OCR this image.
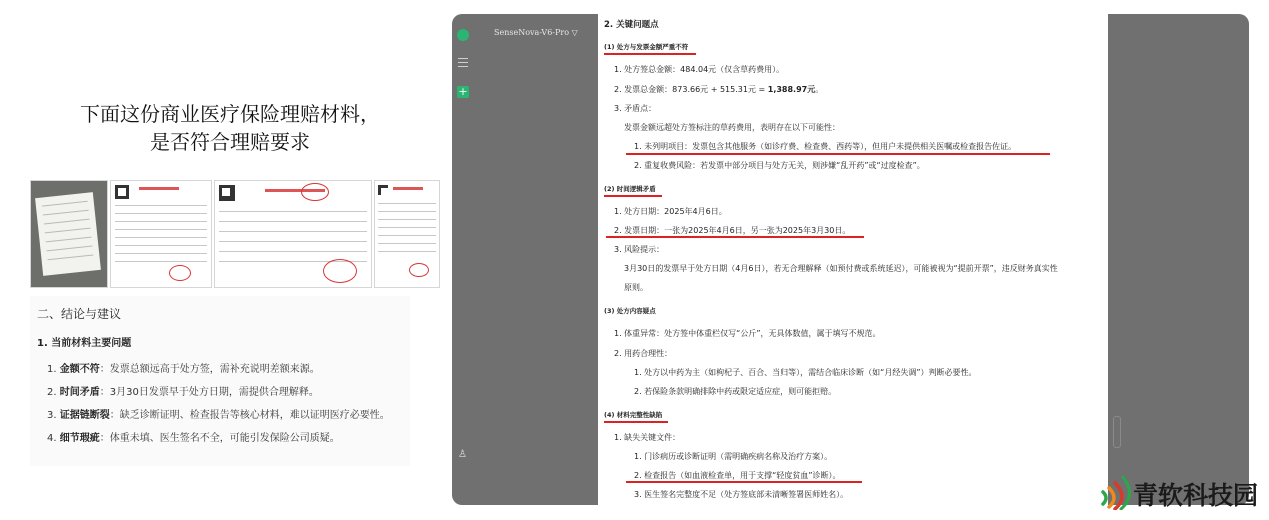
下面这份商业医疗保险理赔材料，
是否符合理赔要求
二、结论与建议
1. 当前材料主要问题
1. 金额不符：发票总额远高于处方签，需补充说明差额来源。
2. 时间矛盾：3月30日发票早于处方日期，需提供合理解释。
3. 证据链断裂：缺乏诊断证明、检查报告等核心材料，难以证明医疗必要性。
4. 细节瑕疵：体重未填、医生签名不全，可能引发保险公司质疑。
+
♙
SenseNova-V6-Pro ▽
2. 关键问题点
(1) 处方与发票金额严重不符
1. 处方签总金额：484.04元（仅含草药费用）。
2. 发票总金额：873.66元 + 515.31元 = 1,388.97元。
3. 矛盾点：
发票金额远超处方签标注的草药费用，表明存在以下可能性：
1. 未列明项目：发票包含其他服务（如诊疗费、检查费、西药等），但用户未提供相关医嘱或检查报告佐证。
2. 重复收费风险：若发票中部分项目与处方无关，则涉嫌“乱开药”或“过度检查”。
(2) 时间逻辑矛盾
1. 处方日期：2025年4月6日。
2. 发票日期：一张为2025年4月6日，另一张为2025年3月30日。
3. 风险提示：
3月30日的发票早于处方日期（4月6日），若无合理解释（如预付费或系统延迟），可能被视为“提前开票”，违反财务真实性
原则。
(3) 处方内容疑点
1. 体重异常：处方签中体重栏仅写“公斤”，无具体数值，属于填写不规范。
2. 用药合理性：
1. 处方以中药为主（如枸杞子、百合、当归等），需结合临床诊断（如“月经失调”）判断必要性。
2. 若保险条款明确排除中药或限定适应症，则可能拒赔。
(4) 材料完整性缺陷
1. 缺失关键文件：
1. 门诊病历或诊断证明（需明确疾病名称及治疗方案）。
2. 检查报告（如血液检查单，用于支撑“轻度贫血”诊断）。
3. 医生签名完整度不足（处方签底部未清晰签署医师姓名）。	青软科技园
